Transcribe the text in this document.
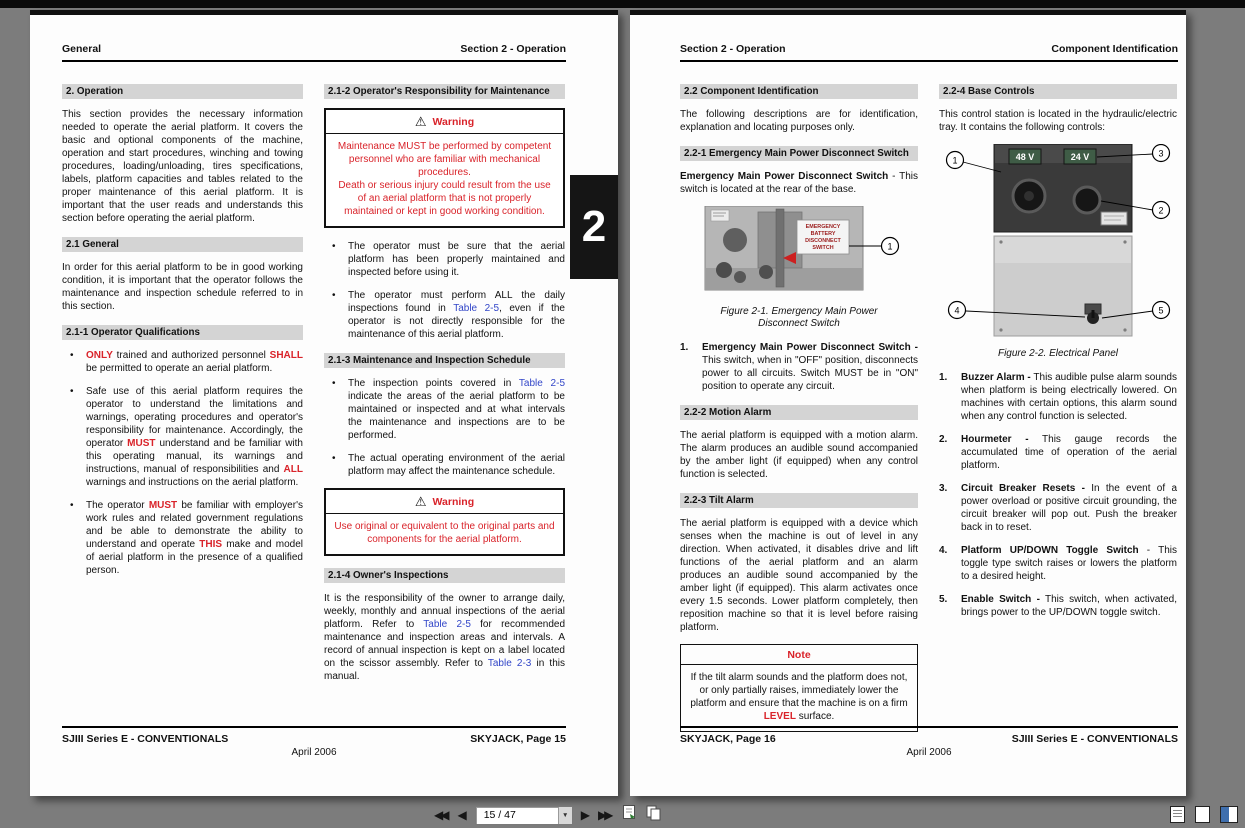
General	Section 2 - Operation
2. Operation

This section provides the necessary information needed to operate the aerial platform. It covers the basic and optional components of the machine, operation and start procedures, winching and towing procedures, loading/unloading, tires specifications, labels, platform capacities and tables related to the proper maintenance of this aerial platform. It is important that the user reads and understands this section before operating the aerial platform.

2.1 General

In order for this aerial platform to be in good working condition, it is important that the operator follows the maintenance and inspection schedule referred to in this section.

2.1-1 Operator Qualifications
• ONLY trained and authorized personnel SHALL be permitted to operate an aerial platform.
• Safe use of this aerial platform requires the operator to understand the limitations and warnings, operating procedures and operator's responsibility for maintenance. Accordingly, the operator MUST understand and be familiar with this operating manual, its warnings and instructions, manual of responsibilities and ALL warnings and instructions on the aerial platform.
• The operator MUST be familiar with employer's work rules and related government regulations and be able to demonstrate the ability to understand and operate THIS make and model of aerial platform in the presence of a qualified person.
2.1-2 Operator's Responsibility for Maintenance
⚠ Warning

Maintenance MUST be performed by competent personnel who are familiar with mechanical procedures.

Death or serious injury could result from the use of an aerial platform that is not properly maintained or kept in good working condition.

• The operator must be sure that the aerial platform has been properly maintained and inspected before using it.
• The operator must perform ALL the daily inspections found in Table 2-5, even if the operator is not directly responsible for the maintenance of this aerial platform.
2.1-3 Maintenance and Inspection Schedule
• The inspection points covered in Table 2-5 indicate the areas of the aerial platform to be maintained or inspected and at what intervals the maintenance and inspections are to be performed.
• The actual operating environment of the aerial platform may affect the maintenance schedule.
⚠ Warning

Use original or equivalent to the original parts and components for the aerial platform.

2.1-4 Owner's Inspections

It is the responsibility of the owner to arrange daily, weekly, monthly and annual inspections of the aerial platform. Refer to Table 2-5 for recommended maintenance and inspection areas and intervals. A record of annual inspection is kept on a label located on the scissor assembly. Refer to Table 2-3 in this manual.

SJIII Series E - CONVENTIONALS	SKYJACK, Page 15
April 2006
2
Section 2 - Operation	Component Identification
2.2 Component Identification

The following descriptions are for identification, explanation and locating purposes only.

2.2-1 Emergency Main Power Disconnect Switch

Emergency Main Power Disconnect Switch - This switch is located at the rear of the base.

EMERGENCY
BATTERY
DISCONNECT
SWITCH	1
Figure 2-1. Emergency Main Power
Disconnect Switch
1. Emergency Main Power Disconnect Switch - This switch, when in "OFF" position, disconnects power to all circuits. Switch MUST be in "ON" position to operate any circuit.
2.2-2 Motion Alarm

The aerial platform is equipped with a motion alarm. The alarm produces an audible sound accompanied by the amber light (if equipped) when any control function is selected.

2.2-3 Tilt Alarm

The aerial platform is equipped with a device which senses when the machine is out of level in any direction. When activated, it disables drive and lift functions of the aerial platform and an alarm produces an audible sound accompanied by the amber light (if equipped). This alarm activates once every 1.5 seconds. Lower platform completely, then reposition machine so that it is level before raising platform.

Note
If the tilt alarm sounds and the platform does not, or only partially raises, immediately lower the platform and ensure that the machine is on a firm LEVEL surface.
2.2-4 Base Controls

This control station is located in the hydraulic/electric tray. It contains the following controls:

48 V	24 V
1
3
2
4	5
Figure 2-2. Electrical Panel
1. Buzzer Alarm - This audible pulse alarm sounds when platform is being electrically lowered. On machines with certain options, this alarm sound when any control function is selected.
2. Hourmeter - This gauge records the accumulated time of operation of the aerial platform.
3. Circuit Breaker Resets - In the event of a power overload or positive circuit grounding, the circuit breaker will pop out. Push the breaker back in to reset.
4. Platform UP/DOWN Toggle Switch - This toggle type switch raises or lowers the platform to a desired height.
5. Enable Switch - This switch, when activated, brings power to the UP/DOWN toggle switch.
SKYJACK, Page 16	SJIII Series E - CONVENTIONALS
April 2006
◀◀ ◀	15 / 47	▼ ▶ ▶▶
